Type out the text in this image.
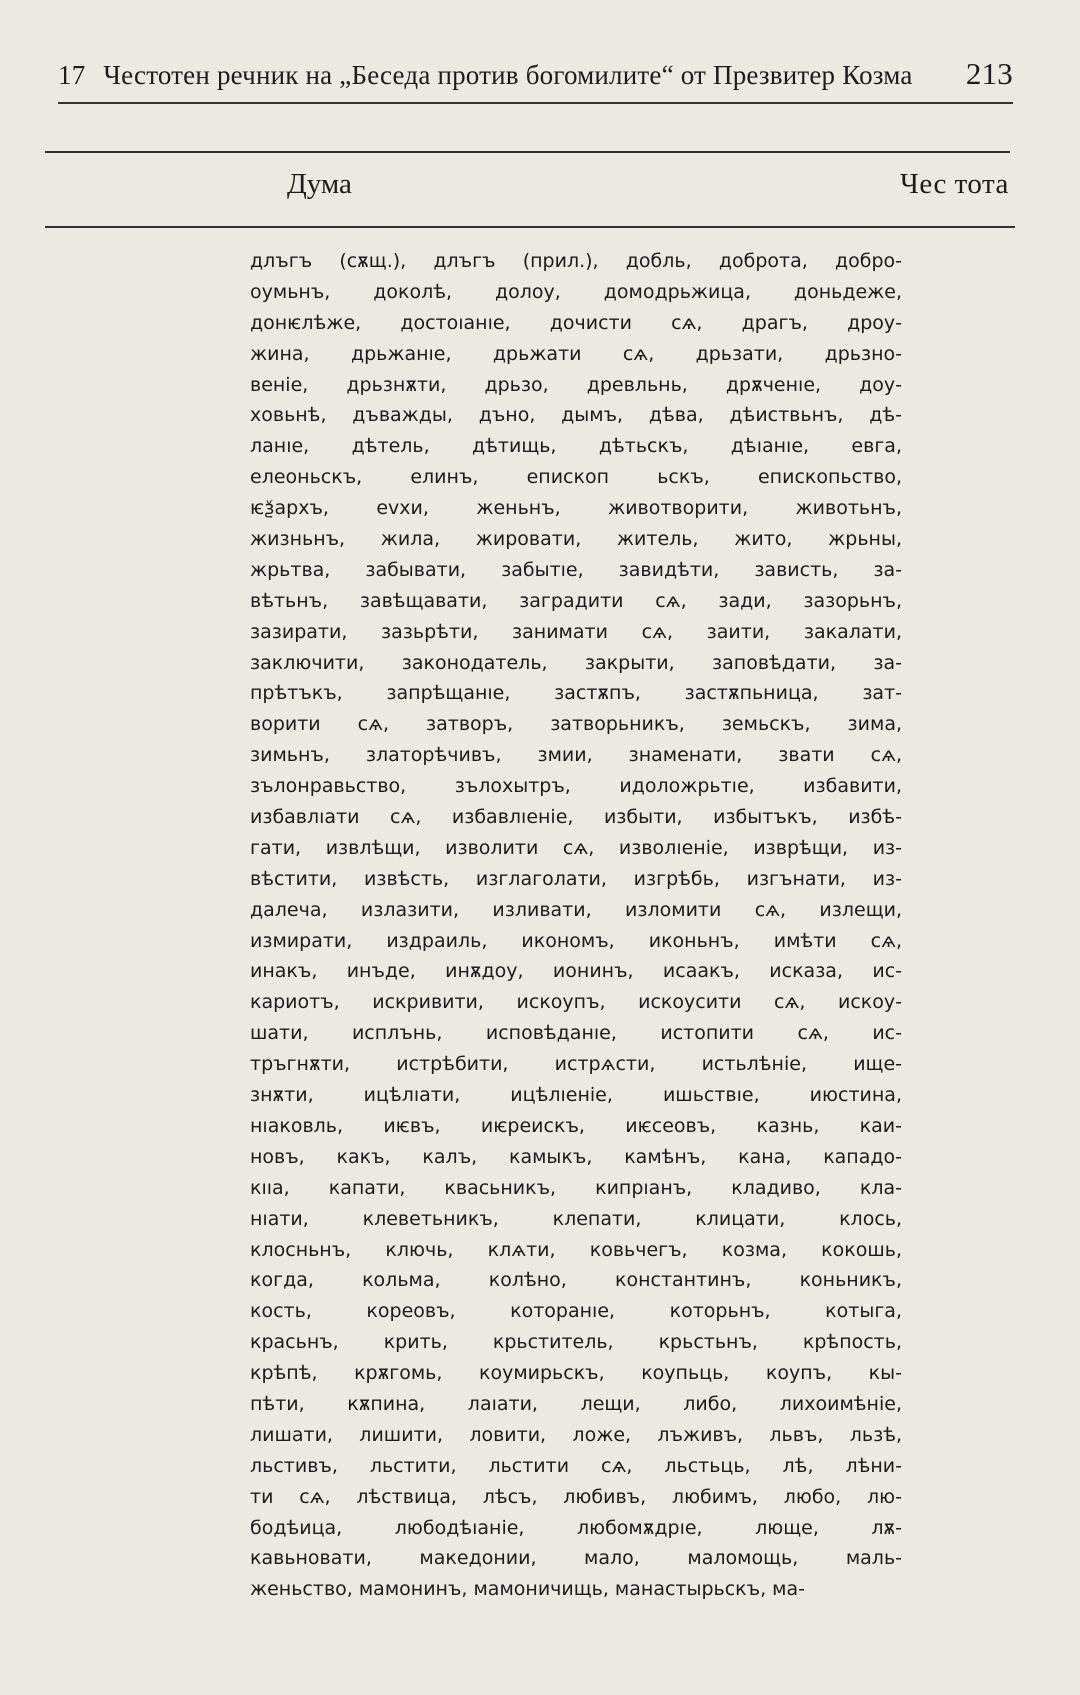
17 Честотен речник на „Беседа против богомилите“ от Презвитер Козма	213
Дума	Чес тота
длъгъ (сѫщ.), длъгъ (прил.), добль, доброта, добро-
оумьнъ, доколѣ, долоу, домодрьжица, доньдеже,
донѥлѣже, достоıанıе, дочисти сѧ, драгъ, дроу-
жина, дрьжанıе, дрьжати сѧ, дрьзати, дрьзно-
веніе, дрьзнѫти, дрьзо, древльнь, дрѫченıе, доу-
ховьнѣ, дъважды, дъно, дымъ, дѣва, дѣиствьнъ, дѣ-
ланıе, дѣтель, дѣтищь, дѣтьскъ, дѣıанıе, евга,
елеоньскъ, елинъ, епископ ьскъ, епископьство,
ѥѯархъ, еvхи, женьнъ, животворити, животьнъ,
жизньнъ, жила, жировати, житель, жито, жрьны,
жрьтва, забывати, забытıе, завидѣти, зависть, за-
вѣтьнъ, завѣщавати, заградити сѧ, зади, зазорьнъ,
зазирати, зазьрѣти, занимати сѧ, заити, закалати,
заключити, законодатель, закрыти, заповѣдати, за-
прѣтъкъ, запрѣщанıе, застѫпъ, застѫпьница, зат-
ворити сѧ, затворъ, затворьникъ, земьскъ, зима,
зимьнъ, златорѣчивъ, змии, знаменати, звати сѧ,
зълонравьство, зълохытръ, идоложрьтıе, избавити,
избавлıати сѧ, избавлıеніе, избыти, избытъкъ, избѣ-
гати, извлѣщи, изволити сѧ, изволıеніе, изврѣщи, из-
вѣстити, извѣсть, изглаголати, изгрѣбь, изгънати, из-
далеча, излазити, изливати, изломити сѧ, излещи,
измирати, издраиль, икономъ, иконьнъ, имѣти сѧ,
инакъ, инъде, инѫдоу, ионинъ, исаакъ, исказа, ис-
кариотъ, искривити, искоупъ, искоусити сѧ, искоу-
шати, исплънь, исповѣданıе, истопити сѧ, ис-
тръгнѫти, истрѣбити, истрѧсти, истьлѣніе, ище-
знѫти, ицѣлıати, ицѣлıеніе, ишьствıе, июстина,
нıаковль, иѥвъ, иѥреискъ, иѥсеовъ, казнь, каи-
новъ, какъ, калъ, камыкъ, камѣнъ, кана, кападо-
кııа, капати, квасьникъ, кипрıанъ, кладиво, кла-
нıати, клеветьникъ, клепати, клицати, клось,
клосньнъ, ключь, клѧти, ковьчегъ, козма, кокошь,
когда, кольма, колѣно, константинъ, коньникъ,
кость, кореовъ, которанıе, которьнъ, котыга,
красьнъ, крить, крьститель, крьстьнъ, крѣпость,
крѣпѣ, крѫгомь, коумирьскъ, коупьць, коупъ, кы-
пѣти, кѫпина, лаıати, лещи, либо, лихоимѣніе,
лишати, лишити, ловити, ложе, лъживъ, львъ, льзѣ,
льстивъ, льстити, льстити сѧ, льстьць, лѣ, лѣни-
ти сѧ, лѣствица, лѣсъ, любивъ, любимъ, любо, лю-
бодѣица, любодѣıаніе, любомѫдрıе, люще, лѫ-
кавьновати, македонии, мало, маломощь, маль-
женьство, мамонинъ, мамоничищь, манастырьскъ, ма-
